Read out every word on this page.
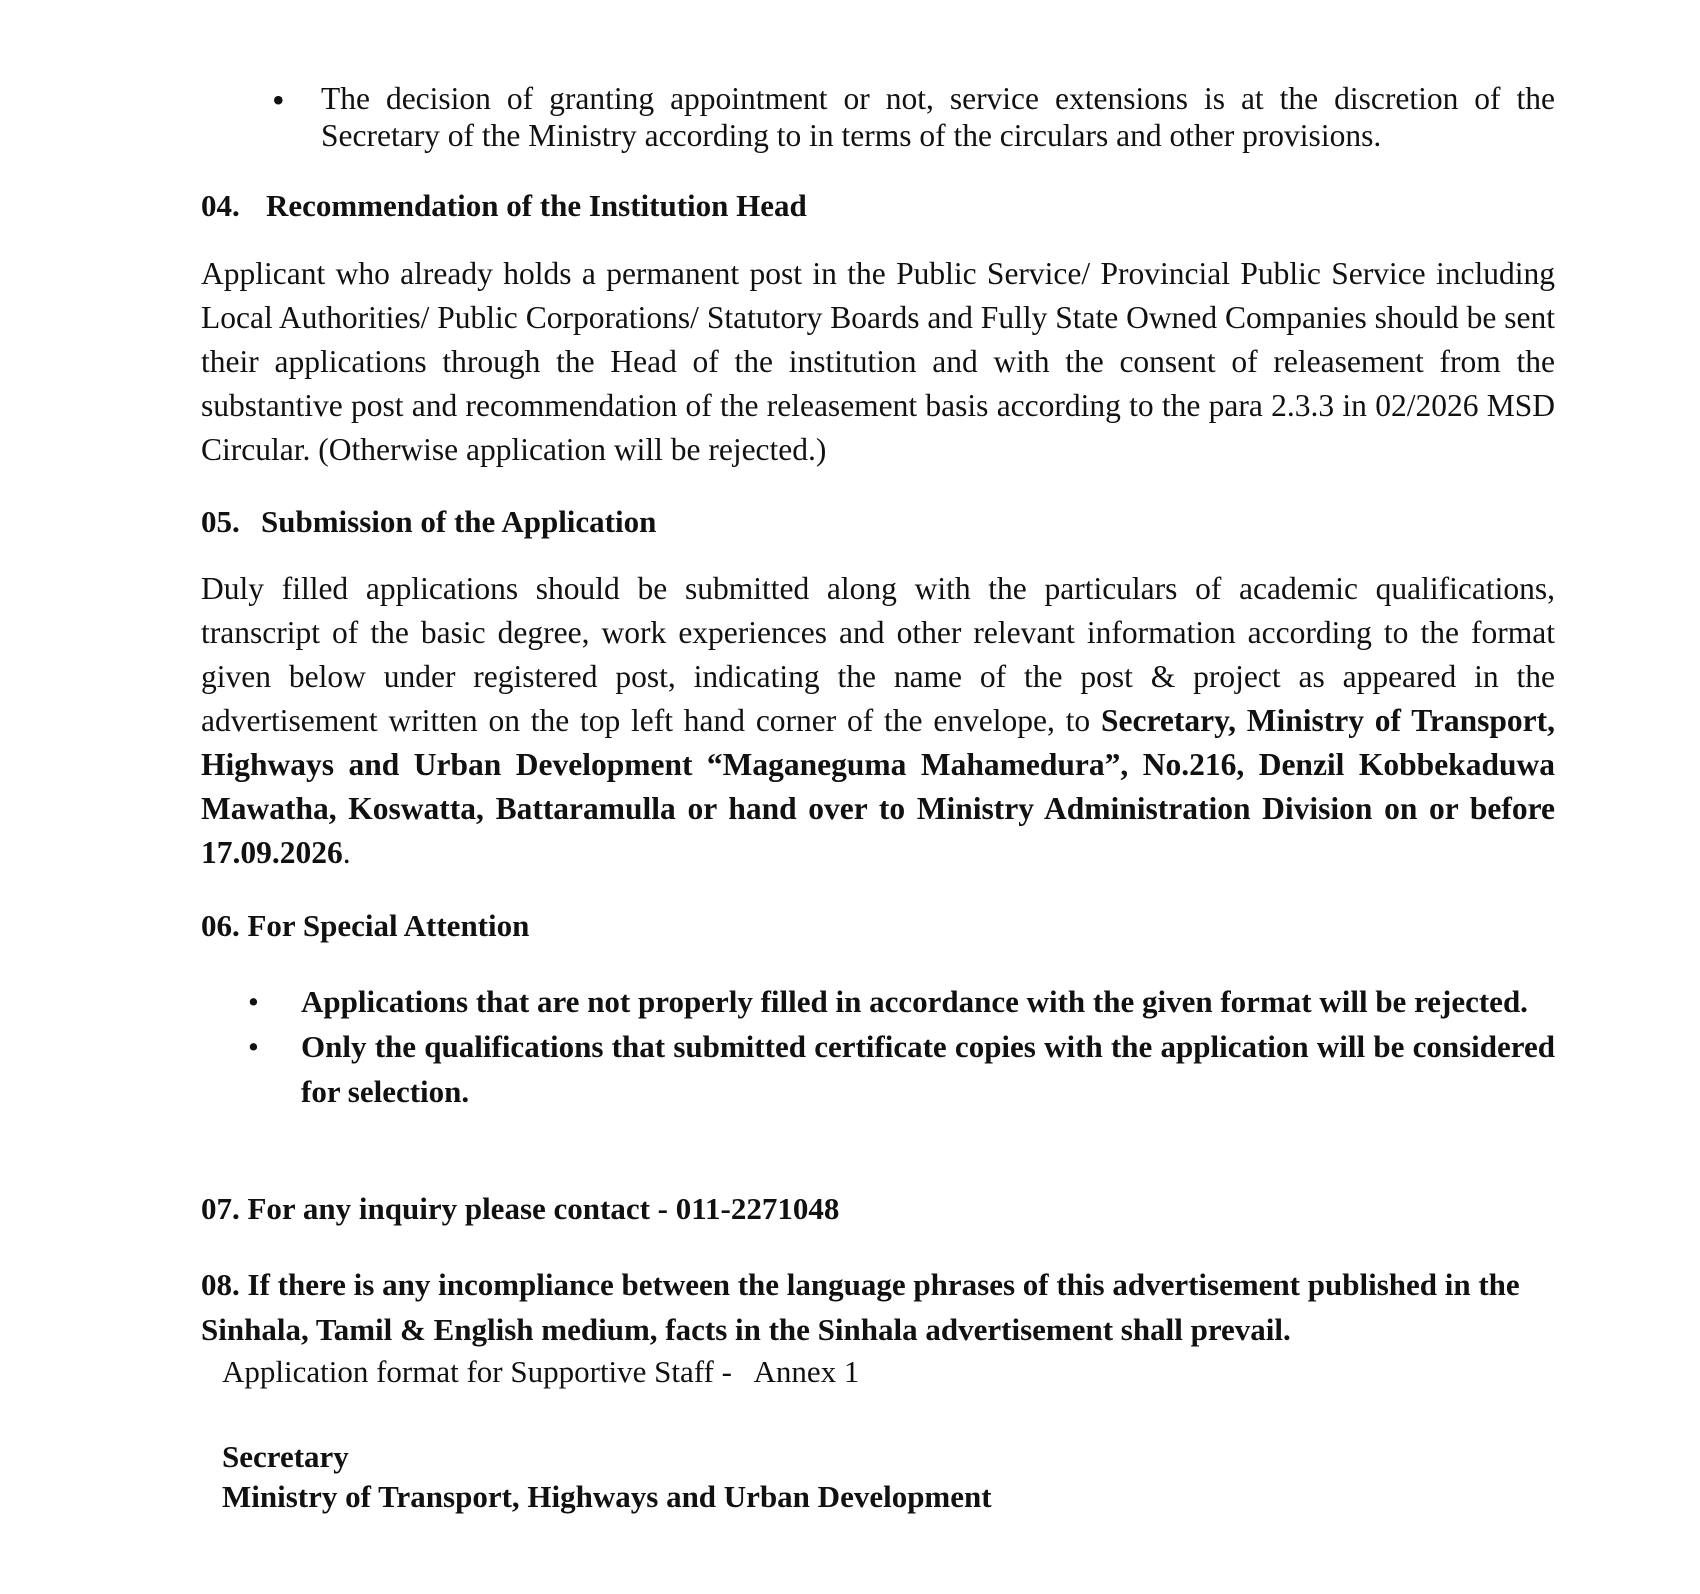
• The decision of granting appointment or not, service extensions is at the discretion of the Secretary of the Ministry according to in terms of the circulars and other provisions.
04. Recommendation of the Institution Head
Applicant who already holds a permanent post in the Public Service/ Provincial Public Service including Local Authorities/ Public Corporations/ Statutory Boards and Fully State Owned Companies should be sent their applications through the Head of the institution and with the consent of releasement from the substantive post and recommendation of the releasement basis according to the para 2.3.3 in 02/2026 MSD Circular. (Otherwise application will be rejected.)
05. Submission of the Application
Duly filled applications should be submitted along with the particulars of academic qualifications, transcript of the basic degree, work experiences and other relevant information according to the format given below under registered post, indicating the name of the post & project as appeared in the advertisement written on the top left hand corner of the envelope, to Secretary, Ministry of Transport, Highways and Urban Development “Maganeguma Mahamedura”, No.216, Denzil Kobbekaduwa Mawatha, Koswatta, Battaramulla or hand over to Ministry Administration Division on or before 17.09.2026.
06. For Special Attention
• Applications that are not properly filled in accordance with the given format will be rejected.
• Only the qualifications that submitted certificate copies with the application will be considered for selection.
07. For any inquiry please contact - 011-2271048
08. If there is any incompliance between the language phrases of this advertisement published in the Sinhala, Tamil & English medium, facts in the Sinhala advertisement shall prevail.
Application format for Supportive Staff -   Annex 1
Secretary
Ministry of Transport, Highways and Urban Development
